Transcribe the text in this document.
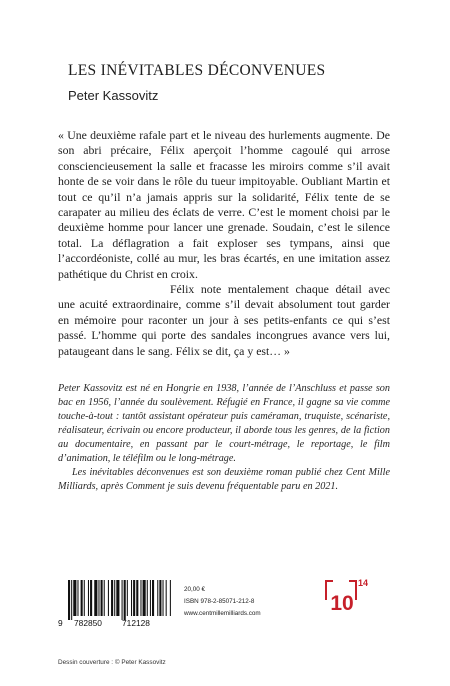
LES INÉVITABLES DÉCONVENUES
Peter Kassovitz

« Une deuxième rafale part et le niveau des hurlements augmente. De son abri précaire, Félix aperçoit l’homme cagoulé qui arrose consciencieusement la salle et fracasse les miroirs comme s’il avait honte de se voir dans le rôle du tueur impitoyable. Oubliant Martin et tout ce qu’il n’a jamais appris sur la solidarité, Félix tente de se carapater au milieu des éclats de verre. C’est le moment choisi par le deuxième homme pour lancer une grenade. Soudain, c’est le silence total. La déflagration a fait exploser ses tympans, ainsi que l’accordéoniste, collé au mur, les bras écartés, en une imitation assez pathétique du Christ en croix.

Félix note mentalement chaque détail avec une acuité extraordinaire, comme s’il devait absolument tout garder en mémoire pour raconter un jour à ses petits-enfants ce qui s’est passé. L’homme qui porte des sandales incongrues avance vers lui, pataugeant dans le sang. Félix se dit, ça y est… »

Peter Kassovitz est né en Hongrie en 1938, l’année de l’Anschluss et passe son bac en 1956, l’année du soulèvement. Réfugié en France, il gagne sa vie comme touche-à-tout : tantôt assistant opérateur puis caméraman, truquiste, scénariste, réalisateur, écrivain ou encore producteur, il aborde tous les genres, de la fiction au documentaire, en passant par le court-métrage, le reportage, le film d’animation, le téléfilm ou le long-métrage.

Les inévitables déconvenues est son deuxième roman publié chez Cent Mille Milliards, après Comment je suis devenu fréquentable paru en 2021.

9 782850 712128
20,00 €
ISBN 978-2-85071-212-8
www.centmillemilliards.com	10
14
Dessin couverture : © Peter Kassovitz
